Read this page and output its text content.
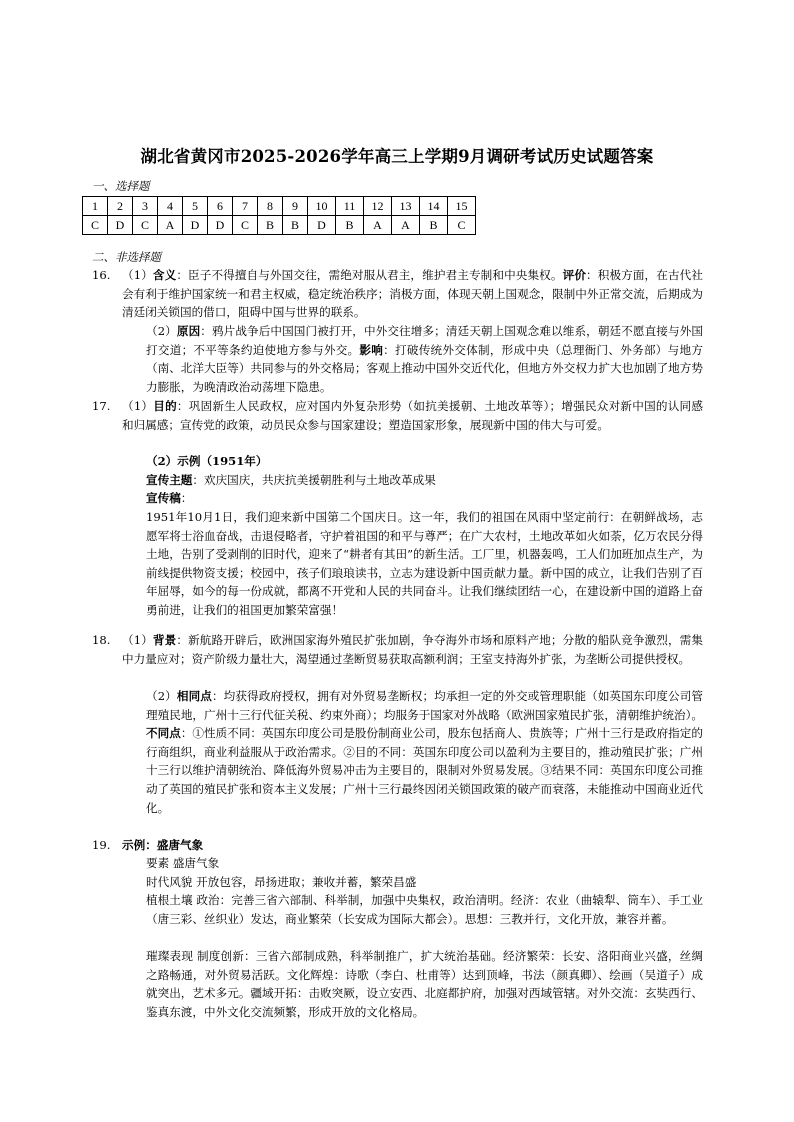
湖北省黄冈市2025-2026学年高三上学期9月调研考试历史试题答案
一、选择题
1	2	3	4	5	6	7	8	9	10	11	12	13	14	15
C	D	C	A	D	D	C	B	B	D	B	A	A	B	C
二、非选择题
16. （1）含义：臣子不得擅自与外国交往，需绝对服从君主，维护君主专制和中央集权。评价：积极方面，在古代社会有利于维护国家统一和君主权威，稳定统治秩序；消极方面，体现天朝上国观念，限制中外正常交流，后期成为清廷闭关锁国的借口，阻碍中国与世界的联系。
（2）原因：鸦片战争后中国国门被打开，中外交往增多；清廷天朝上国观念难以维系，朝廷不愿直接与外国打交道；不平等条约迫使地方参与外交。影响：打破传统外交体制，形成中央（总理衙门、外务部）与地方（南、北洋大臣等）共同参与的外交格局；客观上推动中国外交近代化，但地方外交权力扩大也加剧了地方势力膨胀，为晚清政治动荡埋下隐患。
17. （1）目的：巩固新生人民政权，应对国内外复杂形势（如抗美援朝、土地改革等）；增强民众对新中国的认同感和归属感；宣传党的政策，动员民众参与国家建设；塑造国家形象，展现新中国的伟大与可爱。
（2）示例（1951年）
宣传主题：欢庆国庆，共庆抗美援朝胜利与土地改革成果
宣传稿：
1951年10月1日，我们迎来新中国第二个国庆日。这一年，我们的祖国在风雨中坚定前行：在朝鲜战场，志愿军将士浴血奋战，击退侵略者，守护着祖国的和平与尊严；在广大农村，土地改革如火如荼，亿万农民分得土地，告别了受剥削的旧时代，迎来了“耕者有其田”的新生活。工厂里，机器轰鸣，工人们加班加点生产，为前线提供物资支援；校园中，孩子们琅琅读书，立志为建设新中国贡献力量。新中国的成立，让我们告别了百年屈辱，如今的每一份成就，都离不开党和人民的共同奋斗。让我们继续团结一心，在建设新中国的道路上奋勇前进，让我们的祖国更加繁荣富强！
18. （1）背景：新航路开辟后，欧洲国家海外殖民扩张加剧，争夺海外市场和原料产地；分散的船队竞争激烈，需集中力量应对；资产阶级力量壮大，渴望通过垄断贸易获取高额利润；王室支持海外扩张，为垄断公司提供授权。
（2）相同点：均获得政府授权，拥有对外贸易垄断权；均承担一定的外交或管理职能（如英国东印度公司管理殖民地，广州十三行代征关税、约束外商）；均服务于国家对外战略（欧洲国家殖民扩张，清朝维护统治）。不同点：①性质不同：英国东印度公司是股份制商业公司，股东包括商人、贵族等；广州十三行是政府指定的行商组织，商业利益服从于政治需求。②目的不同：英国东印度公司以盈利为主要目的，推动殖民扩张；广州十三行以维护清朝统治、降低海外贸易冲击为主要目的，限制对外贸易发展。③结果不同：英国东印度公司推动了英国的殖民扩张和资本主义发展；广州十三行最终因闭关锁国政策的破产而衰落，未能推动中国商业近代化。
19. 示例：盛唐气象
要素 盛唐气象
时代风貌 开放包容，昂扬进取；兼收并蓄，繁荣昌盛
植根土壤 政治：完善三省六部制、科举制，加强中央集权，政治清明。经济：农业（曲辕犁、筒车）、手工业（唐三彩、丝织业）发达，商业繁荣（长安成为国际大都会）。思想：三教并行，文化开放，兼容并蓄。
璀璨表现 制度创新：三省六部制成熟，科举制推广，扩大统治基础。经济繁荣：长安、洛阳商业兴盛，丝绸之路畅通，对外贸易活跃。文化辉煌：诗歌（李白、杜甫等）达到顶峰，书法（颜真卿）、绘画（吴道子）成就突出，艺术多元。疆域开拓：击败突厥，设立安西、北庭都护府，加强对西域管辖。对外交流：玄奘西行、鉴真东渡，中外文化交流频繁，形成开放的文化格局。
